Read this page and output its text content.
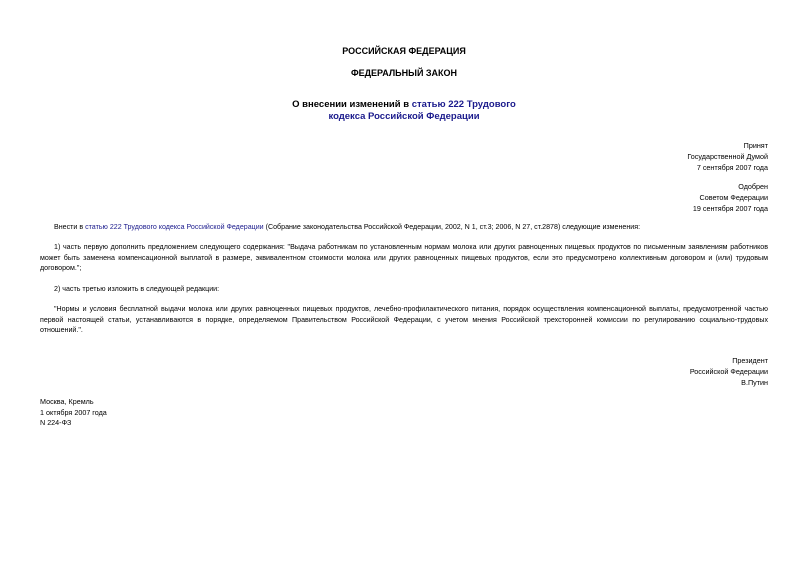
РОССИЙСКАЯ ФЕДЕРАЦИЯ
ФЕДЕРАЛЬНЫЙ ЗАКОН
О внесении изменений в статью 222 Трудового
кодекса Российской Федерации
Принят
Государственной Думой
7 сентября 2007 года
Одобрен
Советом Федерации
19 сентября 2007 года
Внести в статью 222 Трудового кодекса Российской Федерации (Собрание законодательства Российской Федерации, 2002, N 1, ст.3; 2006, N 27, ст.2878) следующие изменения:
1) часть первую дополнить предложением следующего содержания: "Выдача работникам по установленным нормам молока или других равноценных пищевых продуктов по письменным заявлениям работников может быть заменена компенсационной выплатой в размере, эквивалентном стоимости молока или других равноценных пищевых продуктов, если это предусмотрено коллективным договором и (или) трудовым договором.";
2) часть третью изложить в следующей редакции:
"Нормы и условия бесплатной выдачи молока или других равноценных пищевых продуктов, лечебно-профилактического питания, порядок осуществления компенсационной выплаты, предусмотренной частью первой настоящей статьи, устанавливаются в порядке, определяемом Правительством Российской Федерации, с учетом мнения Российской трехсторонней комиссии по регулированию социально-трудовых отношений.".
Президент
Российской Федерации
В.Путин
Москва, Кремль
1 октября 2007 года
N 224-ФЗ
